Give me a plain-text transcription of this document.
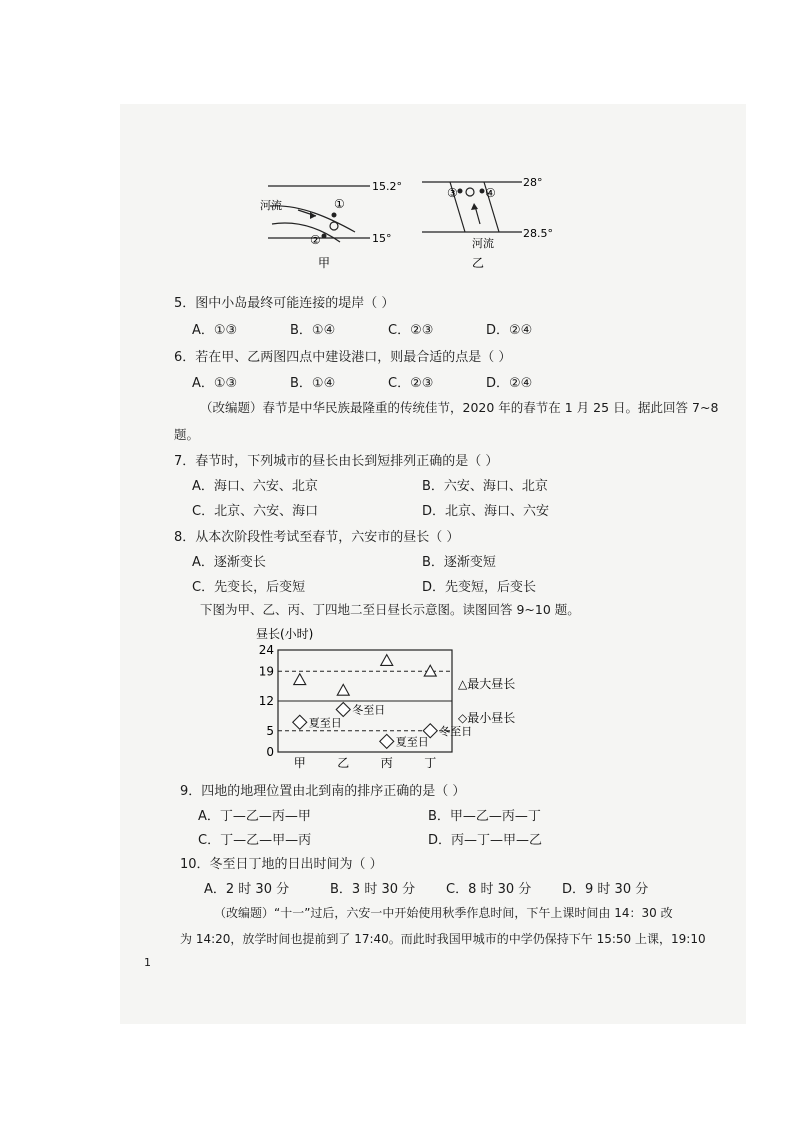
15.2°
15°
河流	①
②
甲
28°
28.5°
③ ④
河流
乙
5．图中小岛最终可能连接的堤岸（ ）
A．①③	B．①④	C．②③	D．②④
6．若在甲、乙两图四点中建设港口，则最合适的点是（ ）
A．①③	B．①④	C．②③	D．②④
（改编题）春节是中华民族最隆重的传统佳节，2020 年的春节在 1 月 25 日。据此回答 7~8
题。
7．春节时，下列城市的昼长由长到短排列正确的是（ ）
A．海口、六安、北京	B．六安、海口、北京
C．北京、六安、海口	D．北京、海口、六安
8．从本次阶段性考试至春节，六安市的昼长（ ）
A．逐渐变长	B．逐渐变短
C．先变长，后变短	D．先变短，后变长
下图为甲、乙、丙、丁四地二至日昼长示意图。读图回答 9~10 题。
昼长(小时)
24
19
12
5
0
甲	乙	丙	丁
夏至日
冬至日
夏至日
冬至日
△最大昼长
◇最小昼长
9．四地的地理位置由北到南的排序正确的是（ ）
A．丁—乙—丙—甲	B．甲—乙—丙—丁
C．丁—乙—甲—丙	D．丙—丁—甲—乙
10．冬至日丁地的日出时间为（ ）
A．2 时 30 分	B．3 时 30 分 C．8 时 30 分 D．9 时 30 分
（改编题）“十一”过后，六安一中开始使用秋季作息时间，下午上课时间由 14：30 改
为 14:20，放学时间也提前到了 17:40。而此时我国甲城市的中学仍保持下午 15:50 上课，19:10
1
